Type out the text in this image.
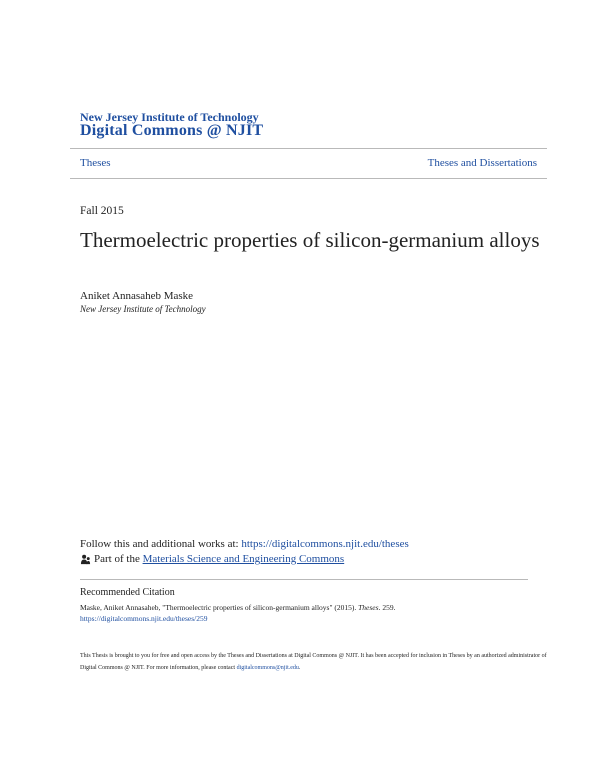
New Jersey Institute of Technology
Digital Commons @ NJIT
Theses	Theses and Dissertations
Fall 2015
Thermoelectric properties of silicon-germanium alloys
Aniket Annasaheb Maske
New Jersey Institute of Technology
Follow this and additional works at: https://digitalcommons.njit.edu/theses
Part of the Materials Science and Engineering Commons
Recommended Citation
Maske, Aniket Annasaheb, "Thermoelectric properties of silicon-germanium alloys" (2015). Theses. 259.
https://digitalcommons.njit.edu/theses/259
This Thesis is brought to you for free and open access by the Theses and Dissertations at Digital Commons @ NJIT. It has been accepted for inclusion in Theses by an authorized administrator of Digital Commons @ NJIT. For more information, please contact digitalcommons@njit.edu.
